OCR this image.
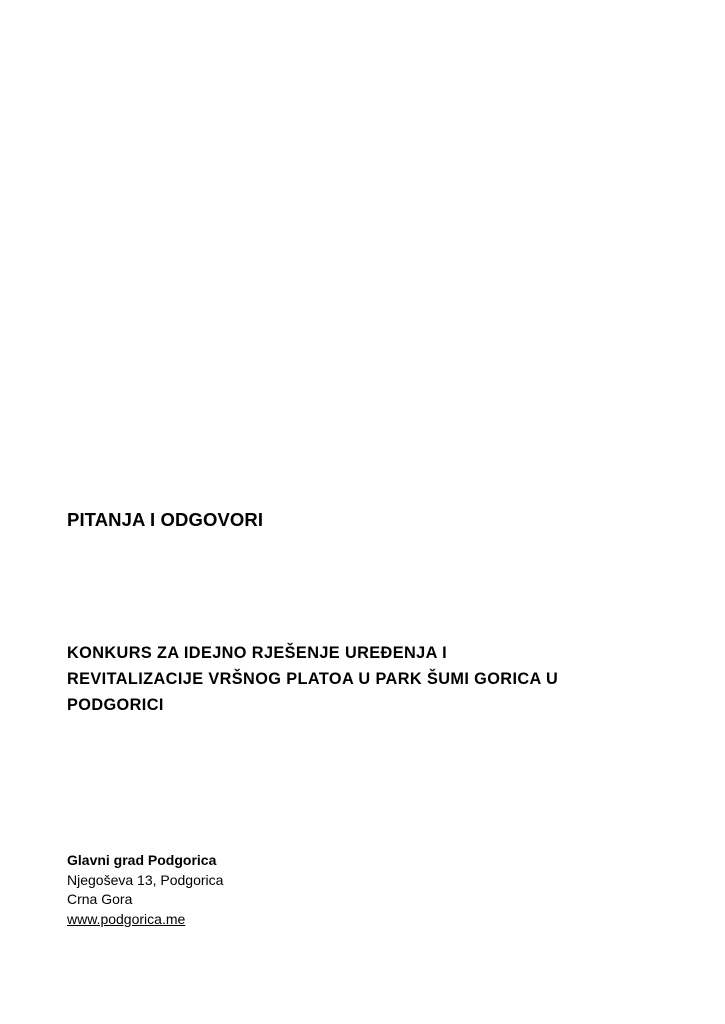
PITANJA I ODGOVORI
KONKURS ZA IDEJNO RJEŠENJE UREĐENJA I
REVITALIZACIJE VRŠNOG PLATOA U PARK ŠUMI GORICA U
PODGORICI
Glavni grad Podgorica
Njegoševa 13, Podgorica
Crna Gora
www.podgorica.me
